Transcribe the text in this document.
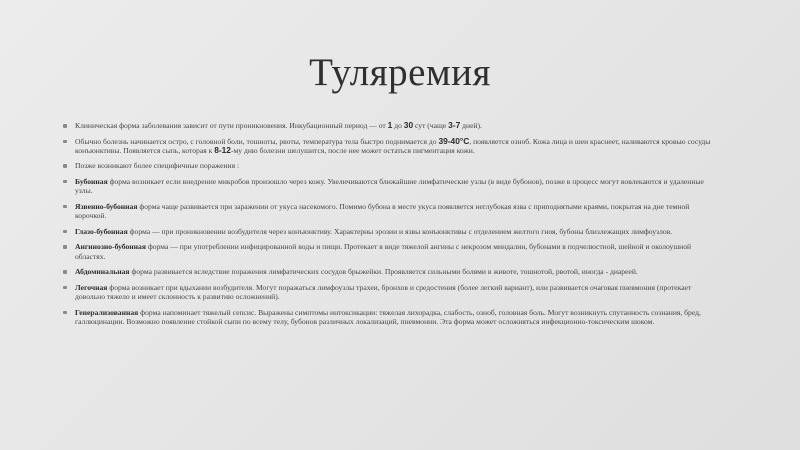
Туляремия
Клиническая форма заболевания зависит от пути проникновения. Инкубационный период — от 1 до 30 сут (чаще 3-7 дней).
Обычно болезнь начинается остро, с головной боли, тошноты, рвоты, температура тела быстро поднимается до 39-40°С, появляется озноб. Кожа лица и шеи краснеет, наливаются кровью сосуды конъюнктивы. Появляется сыпь, которая к 8-12-му дню болезни шелушится, после нее может остаться пигментация кожи.
Позже возникают более специфичные поражения :
Бубонная форма возникает если внедрение микробов произошло через кожу. Увеличиваются ближайшие лимфатические узлы (в виде бубонов), позже в процесс могут вовлекаются и удаленные узлы.
Язвенно-бубонная форма чаще развивается при заражении от укуса насекомого. Помимо бубона в месте укуса появляется неглубокая язва с приподнятыми краями, покрытая на дне темной корочкой.
Глазо-бубонная форма — при проникновении возбудителя через конъюнктиву. Характерны эрозии и язвы конъюнктивы с отделением желтого гноя, бубоны близлежащих лимфоузлов.
Ангинозно-бубонная форма — при употреблении инфицированной воды и пищи. Протекает в виде тяжелой ангины с некрозом миндалин, бубонами в подчелюстной, шейной и околоушной областях.
Абдоминальная форма развивается вследствие поражения лимфатических сосудов брыжейки. Проявляется сильными болями в животе, тошнотой, рвотой, иногда - диареей.
Легочная форма возникает при вдыхании возбудителя. Могут поражаться лимфоузлы трахеи, бронхов и средостения (более легкий вариант), или развивается очаговая пневмония (протекает довольно тяжело и имеет склонность к развитию осложнений).
Генерализованная форма напоминает тяжелый сепсис. Выражены симптомы интоксикации: тяжелая лихорадка, слабость, озноб, головная боль. Могут возникнуть спутанность сознания, бред, галлюцинации. Возможно появление стойкой сыпи по всему телу, бубонов различных локализаций, пневмонии. Эта форма может осложняться инфекционно-токсическим шоком.
